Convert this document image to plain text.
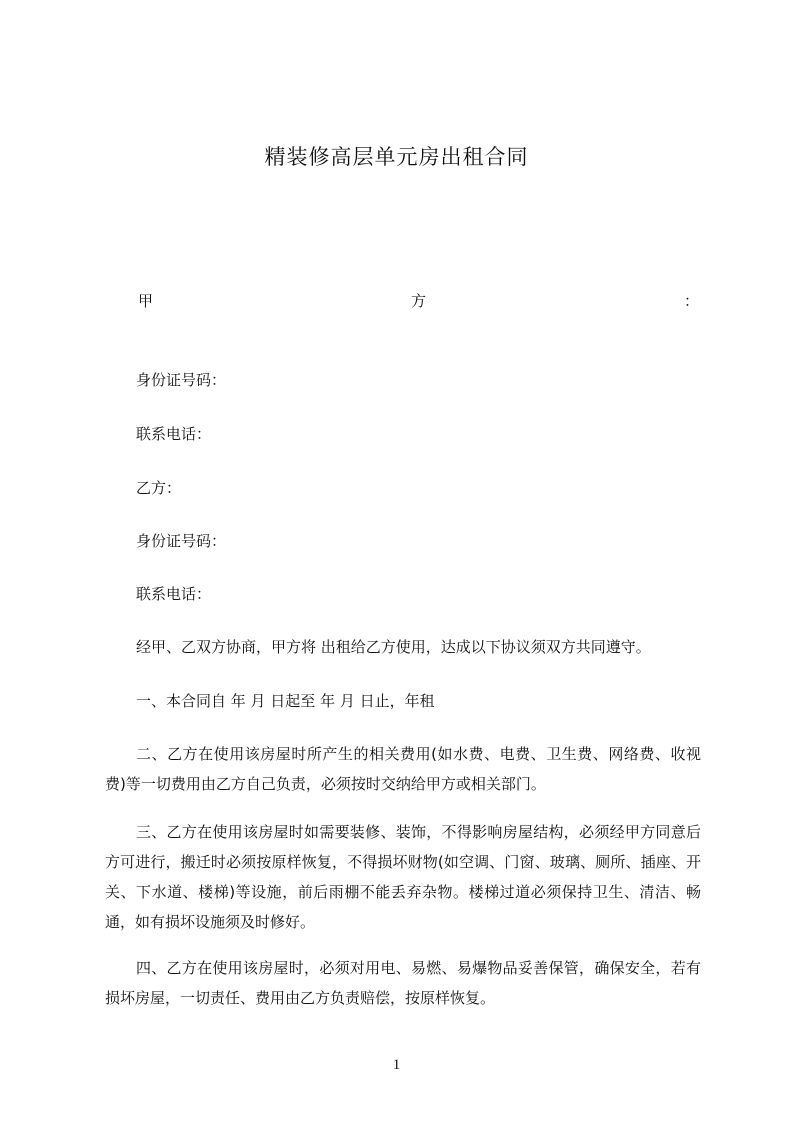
精装修高层单元房出租合同
甲	方	：
身份证号码：
联系电话：
乙方：
身份证号码：
联系电话：
经甲、乙双方协商，甲方将 出租给乙方使用，达成以下协议须双方共同遵守。
一、本合同自 年 月 日起至 年 月 日止，年租
二、乙方在使用该房屋时所产生的相关费用(如水费、电费、卫生费、网络费、收视费)等一切费用由乙方自己负责，必须按时交纳给甲方或相关部门。
三、乙方在使用该房屋时如需要装修、装饰，不得影响房屋结构，必须经甲方同意后方可进行，搬迁时必须按原样恢复，不得损坏财物(如空调、门窗、玻璃、厕所、插座、开关、下水道、楼梯)等设施，前后雨棚不能丢弃杂物。楼梯过道必须保持卫生、清洁、畅通，如有损坏设施须及时修好。
四、乙方在使用该房屋时，必须对用电、易燃、易爆物品妥善保管，确保安全，若有损坏房屋，一切责任、费用由乙方负责赔偿，按原样恢复。
1
